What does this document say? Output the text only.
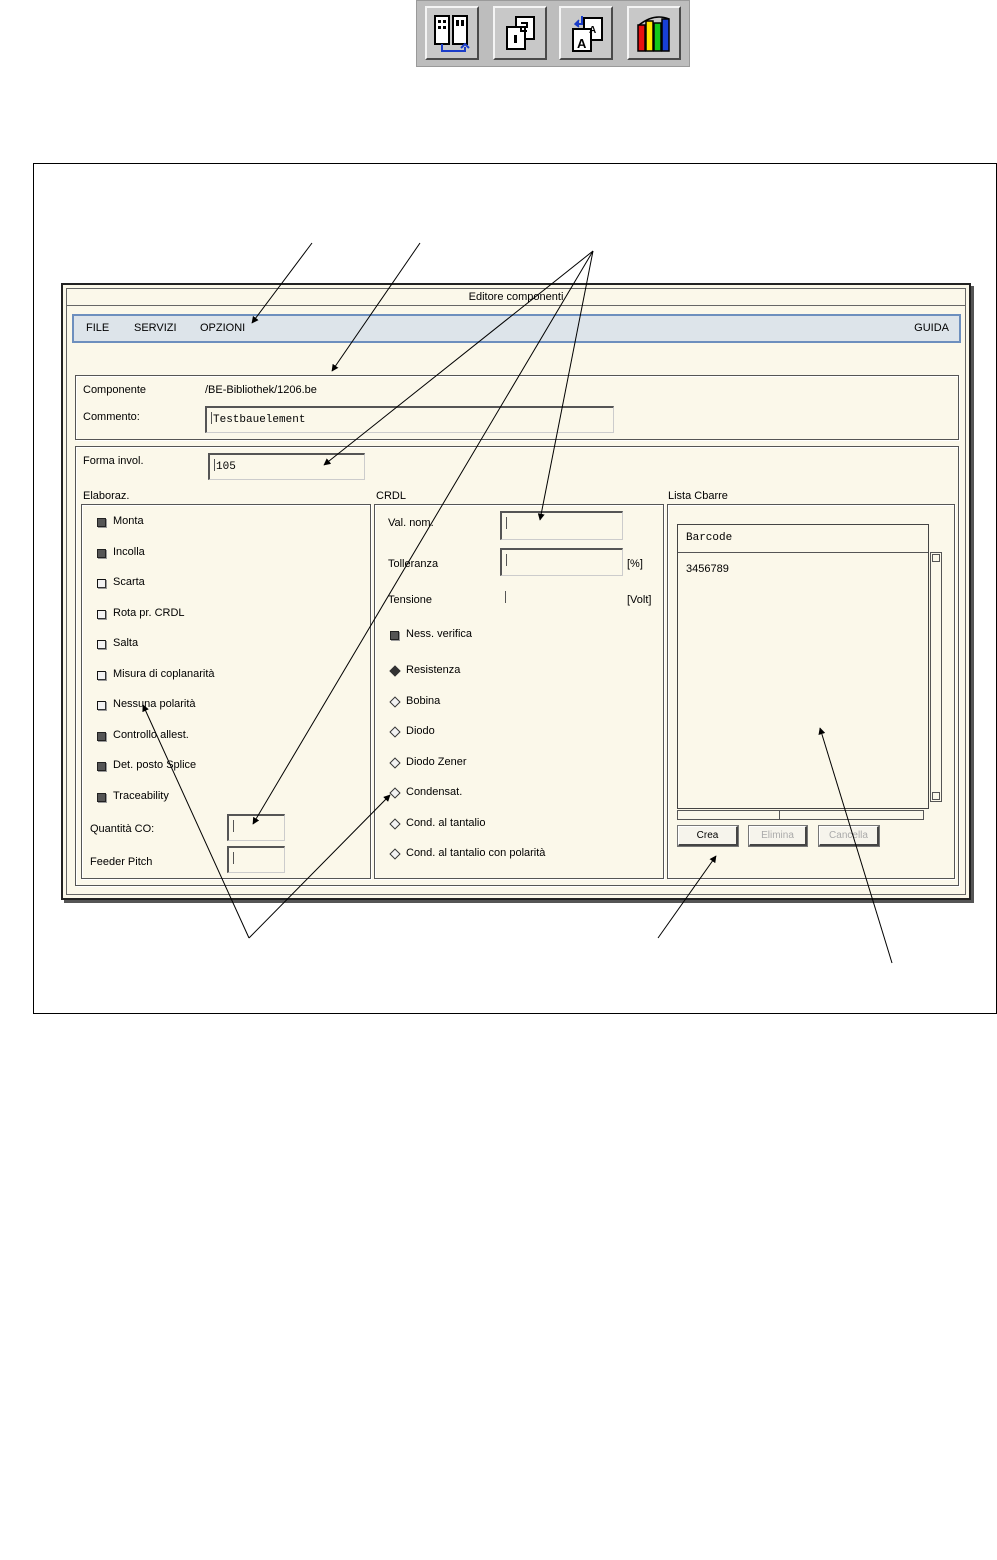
A
A
Editore componenti
FILE SERVIZI OPZIONI	GUIDA
Componente	/BE-Bibliothek/1206.be
Commento:	Testbauelement
Forma invol.	105
Elaboraz.	CRDL	Lista Cbarre
Monta
Incolla
Scarta
Rota pr. CRDL
Salta
Misura di coplanarità
Nessuna polarità
Controllo allest.
Det. posto Splice
Traceability
Quantità CO:
Feeder Pitch
Val. nom.
Tolleranza	[%]
Tensione	[Volt]
Ness. verifica
Resistenza
Bobina
Diodo
Diodo Zener
Condensat.
Cond. al tantalio
Cond. al tantalio con polarità
Barcode
3456789
Crea	Elimina	Cancella
